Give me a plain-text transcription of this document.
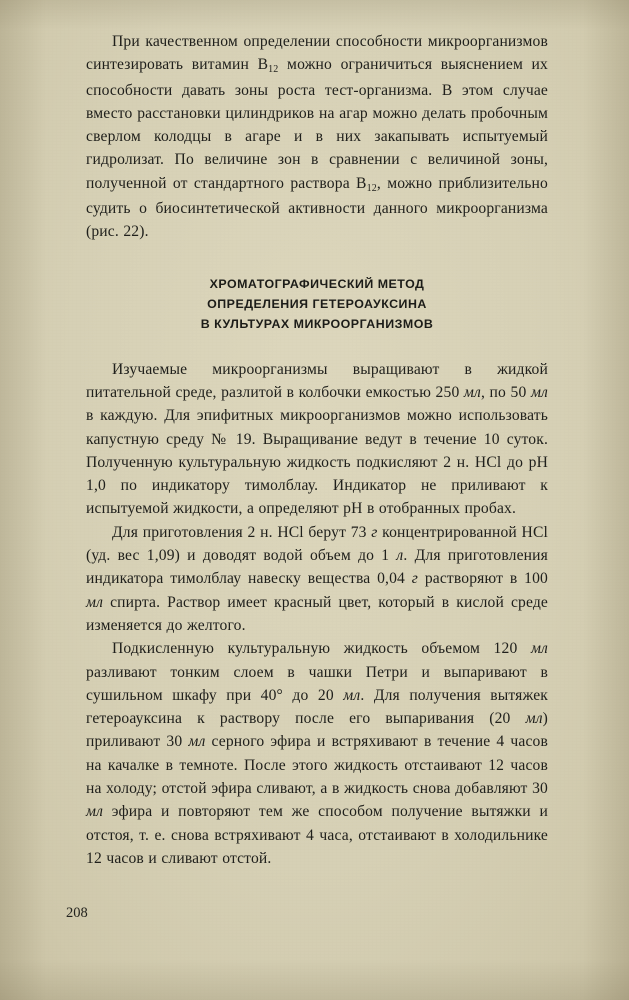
При качественном определении способности микроорганизмов синтезировать витамин $B_{12}$ можно ограничиться выяснением их способности давать зоны роста тест-организма. В этом случае вместо расстановки цилиндриков на агар можно делать пробочным сверлом колодцы в агаре и в них закапывать испытуемый гидролизат. По величине зон в сравнении с величиной зоны, полученной от стандартного раствора $B_{12}$, можно приблизительно судить о биосинтетической активности данного микроорганизма (рис. 22).

ХРОМАТОГРАФИЧЕСКИЙ МЕТОД
ОПРЕДЕЛЕНИЯ ГЕТЕРОАУКСИНА
В КУЛЬТУРАХ МИКРООРГАНИЗМОВ

Изучаемые микроорганизмы выращивают в жидкой питательной среде, разлитой в колбочки емкостью 250 мл, по 50 мл в каждую. Для эпифитных микроорганизмов можно использовать капустную среду № 19. Выращивание ведут в течение 10 суток. Полученную культуральную жидкость подкисляют 2 н. HCl до pH 1,0 по индикатору тимолблау. Индикатор не приливают к испытуемой жидкости, а определяют pH в отобранных пробах.

Для приготовления 2 н. HCl берут 73 г концентрированной HCl (уд. вес 1,09) и доводят водой объем до 1 л. Для приготовления индикатора тимолблау навеску вещества 0,04 г растворяют в 100 мл спирта. Раствор имеет красный цвет, который в кислой среде изменяется до желтого.

Подкисленную культуральную жидкость объемом 120 мл разливают тонким слоем в чашки Петри и выпаривают в сушильном шкафу при 40° до 20 мл. Для получения вытяжек гетероауксина к раствору после его выпаривания (20 мл) приливают 30 мл серного эфира и встряхивают в течение 4 часов на качалке в темноте. После этого жидкость отстаивают 12 часов на холоду; отстой эфира сливают, а в жидкость снова добавляют 30 мл эфира и повторяют тем же способом получение вытяжки и отстоя, т. е. снова встряхивают 4 часа, отстаивают в холодильнике 12 часов и сливают отстой.

208
